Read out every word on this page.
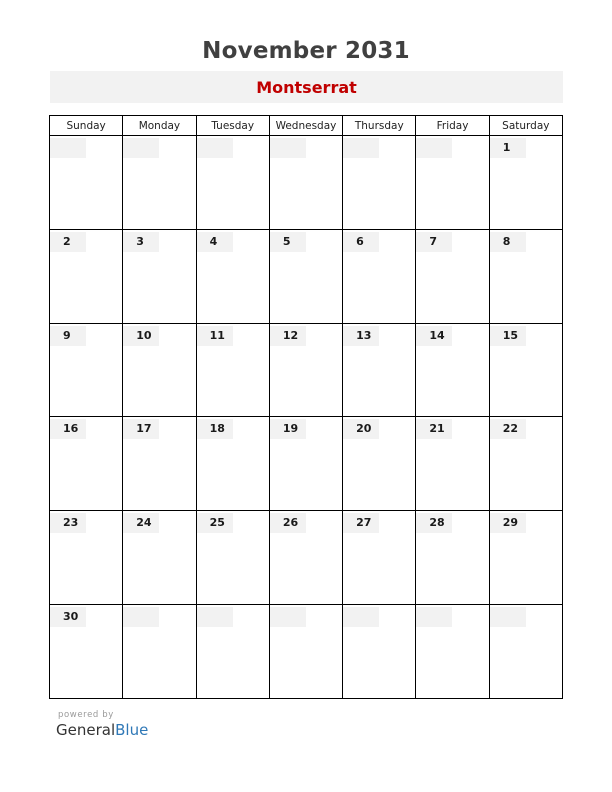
November 2031
Montserrat
Sunday	Monday	Tuesday	Wednesday	Thursday	Friday	Saturday

						1

2	3	4	5	6	7	8

9	10	11	12	13	14	15

16	17	18	19	20	21	22

23	24	25	26	27	28	29

30						

powered by
GeneralBlue
